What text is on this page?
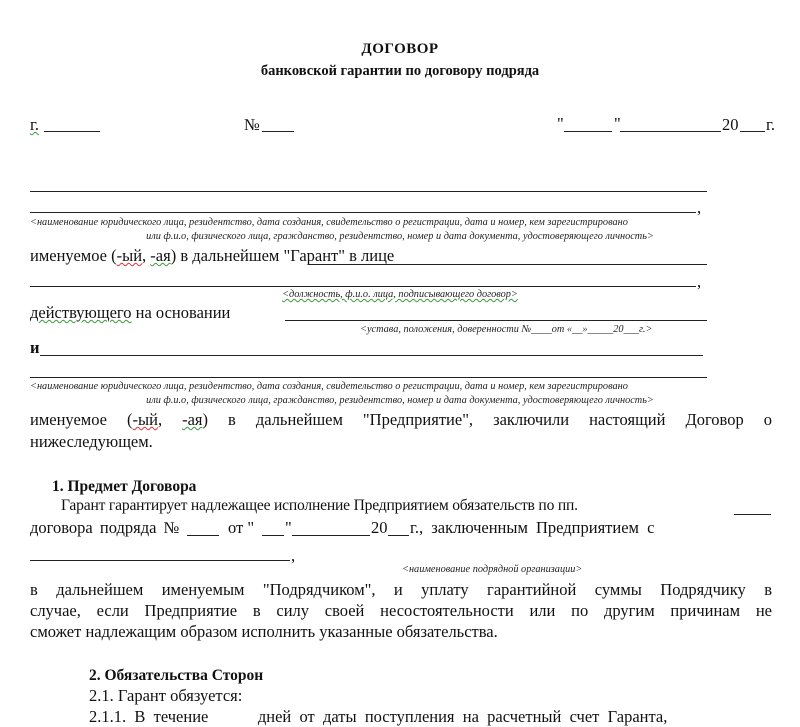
ДОГОВОР
банковской гарантии по договору подряда
г.	№	"	"	20 г.
,
<наименование юридического лица, резидентство, дата создания, свидетельство о регистрации, дата и номер, кем зарегистрировано
или ф.и.о, физического лица, гражданство, резидентство, номер и дата документа, удостоверяющего личность>
именуемое (-ый, -ая) в дальнейшем "Гарант" в лице
,
<должность, ф.и.о. лица, подписывающего договор>
действующего на основании
<устава, положения, доверенности №____от «__»_____20___г.>
и
<наименование юридического лица, резидентство, дата создания, свидетельство о регистрации, дата и номер, кем зарегистрировано
или ф.и.о, физического лица, гражданство, резидентство, номер и дата документа, удостоверяющего личность>
именуемое (-ый, -ая) в дальнейшем "Предприятие", заключили настоящий Договор о
нижеследующем.
1. Предмет Договора
Гарант гарантирует надлежащее исполнение Предприятием обязательств по пп.
договора подряда №	от " "	20 г., заключенным Предприятием с
,
<наименование подрядной организации>
в дальнейшем именуемым "Подрядчиком", и уплату гарантийной суммы Подрядчику в
случае, если Предприятие в силу своей несостоятельности или по другим причинам не
сможет надлежащим образом исполнить указанные обязательства.
2. Обязательства Сторон
2.1. Гарант обязуется:
2.1.1.  В  течение            дней  от  даты  поступления  на  расчетный  счет  Гаранта,
